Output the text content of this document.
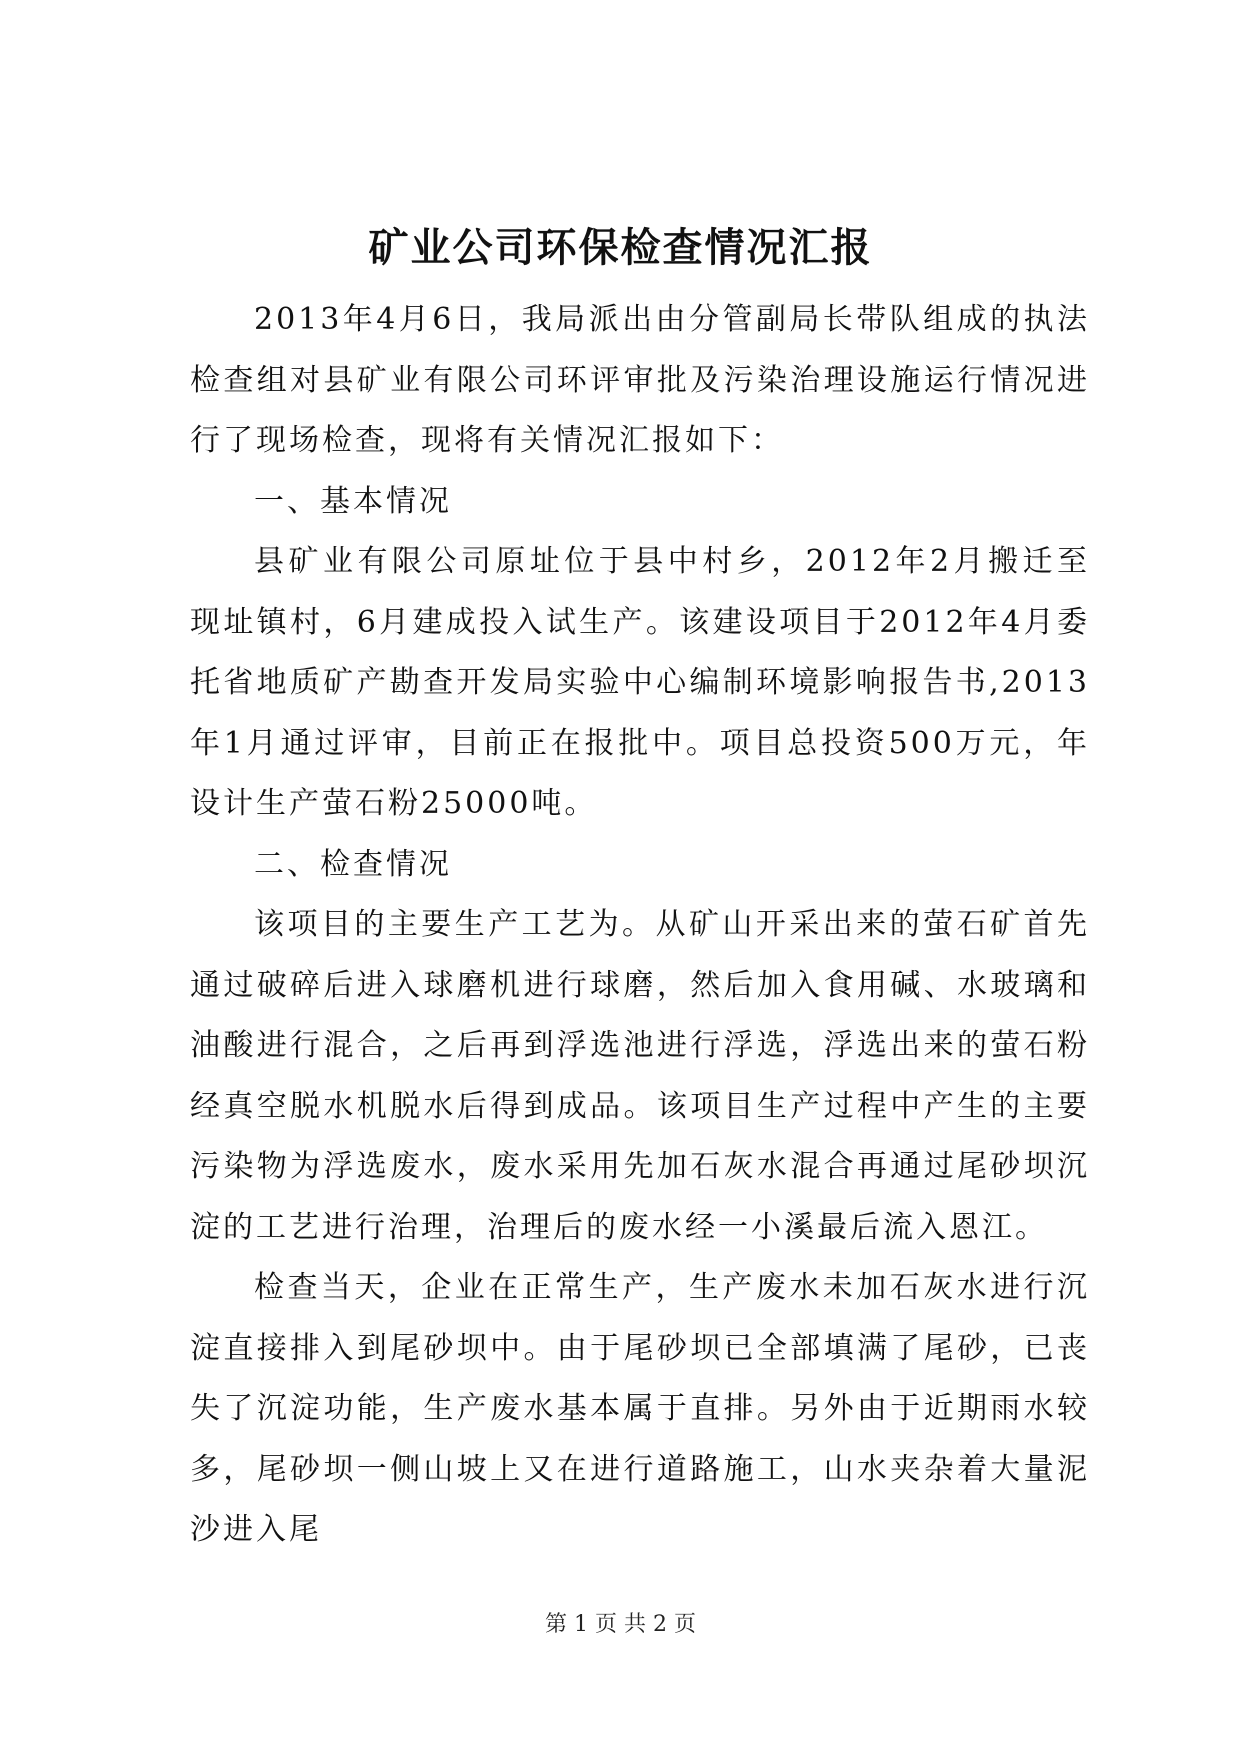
矿业公司环保检查情况汇报

2013年4月6日，我局派出由分管副局长带队组成的执法检查组对县矿业有限公司环评审批及污染治理设施运行情况进行了现场检查，现将有关情况汇报如下：

一、基本情况

县矿业有限公司原址位于县中村乡，2012年2月搬迁至现址镇村，6月建成投入试生产。该建设项目于2012年4月委托省地质矿产勘查开发局实验中心编制环境影响报告书,2013年1月通过评审，目前正在报批中。项目总投资500万元，年设计生产萤石粉25000吨。

二、检查情况

该项目的主要生产工艺为。从矿山开采出来的萤石矿首先通过破碎后进入球磨机进行球磨，然后加入食用碱、水玻璃和油酸进行混合，之后再到浮选池进行浮选，浮选出来的萤石粉经真空脱水机脱水后得到成品。该项目生产过程中产生的主要污染物为浮选废水，废水采用先加石灰水混合再通过尾砂坝沉淀的工艺进行治理，治理后的废水经一小溪最后流入恩江。

检查当天，企业在正常生产，生产废水未加石灰水进行沉淀直接排入到尾砂坝中。由于尾砂坝已全部填满了尾砂，已丧失了沉淀功能，生产废水基本属于直排。另外由于近期雨水较多，尾砂坝一侧山坡上又在进行道路施工，山水夹杂着大量泥沙进入尾

第 1 页 共 2 页
